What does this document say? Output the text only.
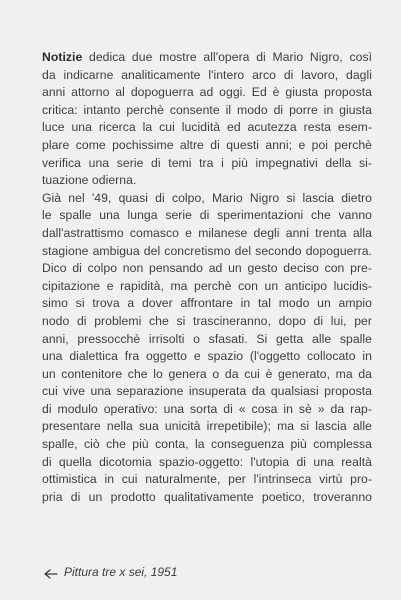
Notizie dedica due mostre all'opera di Mario Nigro, così
da indicarne analiticamente l'intero arco di lavoro, dagli
anni attorno al dopoguerra ad oggi. Ed è giusta proposta
critica: intanto perchè consente il modo di porre in giusta
luce una ricerca la cui lucidità ed acutezza resta esem-
plare come pochissime altre di questi anni; e poi perchè
verifica una serie di temi tra i più impegnativi della si-
tuazione odierna.
Già nel '49, quasi di colpo, Mario Nigro si lascia dietro
le spalle una lunga serie di sperimentazioni che vanno
dall'astrattismo comasco e milanese degli anni trenta alla
stagione ambigua del concretismo del secondo dopoguerra.
Dico di colpo non pensando ad un gesto deciso con pre-
cipitazione e rapidità, ma perchè con un anticipo lucidis-
simo si trova a dover affrontare in tal modo un ampio
nodo di problemi che si trascineranno, dopo di lui, per
anni, pressocchè irrisolti o sfasati. Si getta alle spalle
una dialettica fra oggetto e spazio (l'oggetto collocato in
un contenitore che lo genera o da cui è generato, ma da
cui vive una separazione insuperata da qualsiasi proposta
di modulo operativo: una sorta di « cosa in sè » da rap-
presentare nella sua unicità irrepetibile); ma si lascia alle
spalle, ciò che più conta, la conseguenza più complessa
di quella dicotomia spazio-oggetto: l'utopia di una realtà
ottimistica in cui naturalmente, per l'intrinseca virtù pro-
pria di un prodotto qualitativamente poetico, troveranno
Pittura tre x sei, 1951
